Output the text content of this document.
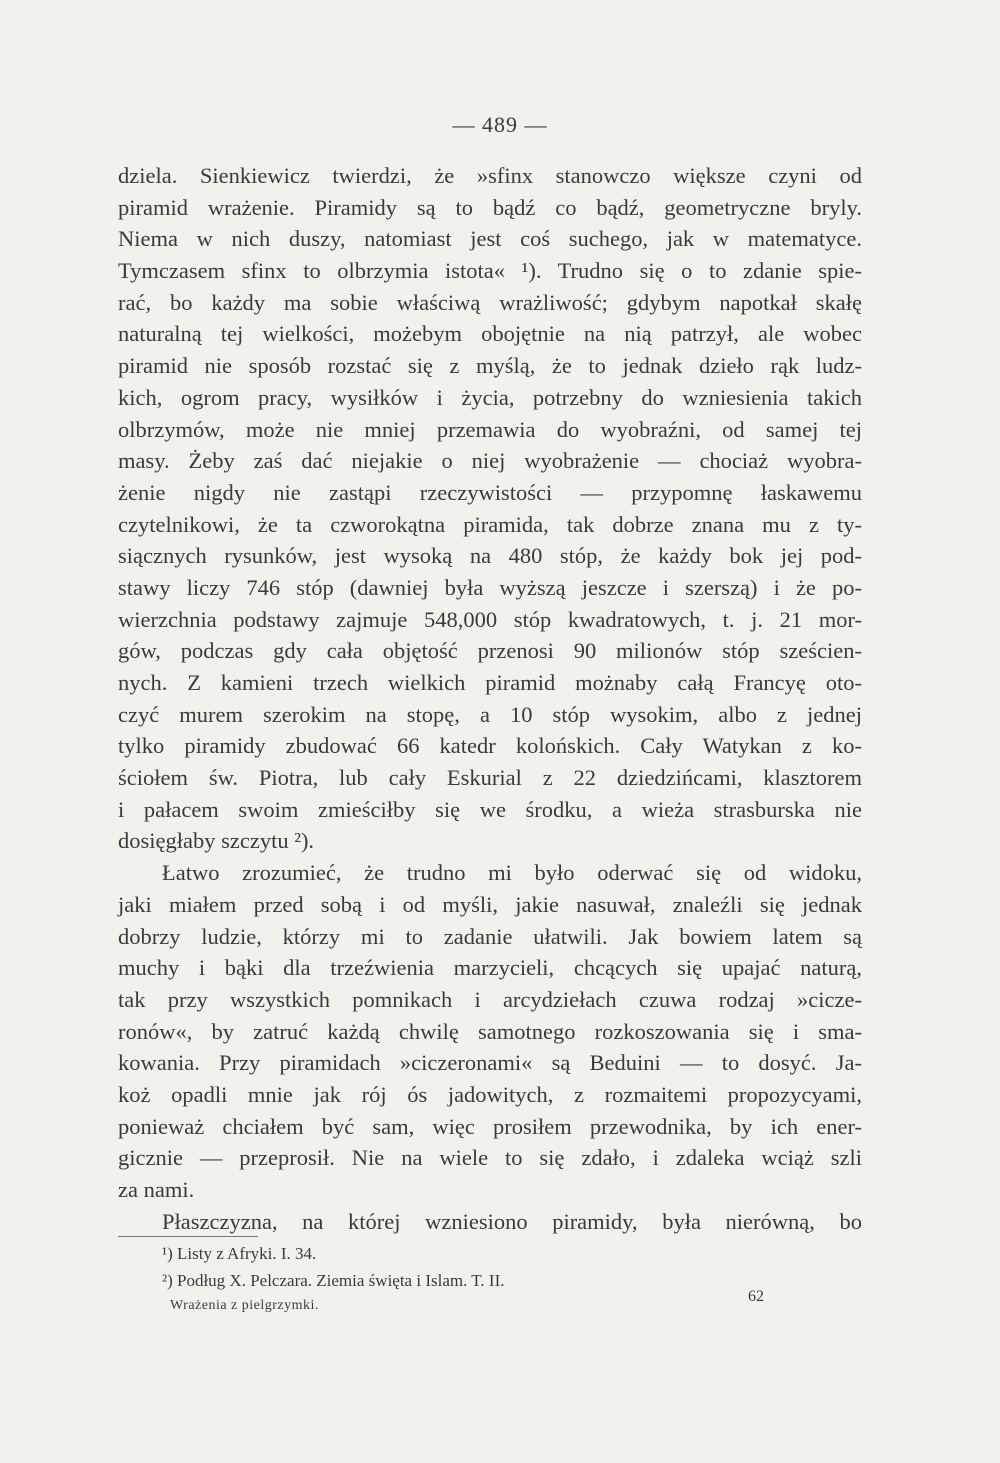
— 489 —
dziela. Sienkiewicz twierdzi, że »sfinx stanowczo większe czyni od
piramid wrażenie. Piramidy są to bądź co bądź, geometryczne bryly.
Niema w nich duszy, natomiast jest coś suchego, jak w matematyce.
Tymczasem sfinx to olbrzymia istota« ¹). Trudno się o to zdanie spie-
rać, bo każdy ma sobie właściwą wrażliwość; gdybym napotkał skałę
naturalną tej wielkości, możebym obojętnie na nią patrzył, ale wobec
piramid nie sposób rozstać się z myślą, że to jednak dzieło rąk ludz-
kich, ogrom pracy, wysiłków i życia, potrzebny do wzniesienia takich
olbrzymów, może nie mniej przemawia do wyobraźni, od samej tej
masy. Żeby zaś dać niejakie o niej wyobrażenie — chociaż wyobra-
żenie nigdy nie zastąpi rzeczywistości — przypomnę łaskawemu
czytelnikowi, że ta czworokątna piramida, tak dobrze znana mu z ty-
siącznych rysunków, jest wysoką na 480 stóp, że każdy bok jej pod-
stawy liczy 746 stóp (dawniej była wyższą jeszcze i szerszą) i że po-
wierzchnia podstawy zajmuje 548,000 stóp kwadratowych, t. j. 21 mor-
gów, podczas gdy cała objętość przenosi 90 milionów stóp sześcien-
nych. Z kamieni trzech wielkich piramid możnaby całą Francyę oto-
czyć murem szerokim na stopę, a 10 stóp wysokim, albo z jednej
tylko piramidy zbudować 66 katedr kolońskich. Cały Watykan z ko-
ściołem św. Piotra, lub cały Eskurial z 22 dziedzińcami, klasztorem
i pałacem swoim zmieściłby się we środku, a wieża strasburska nie
dosięgłaby szczytu ²).
Łatwo zrozumieć, że trudno mi było oderwać się od widoku,
jaki miałem przed sobą i od myśli, jakie nasuwał, znaleźli się jednak
dobrzy ludzie, którzy mi to zadanie ułatwili. Jak bowiem latem są
muchy i bąki dla trzeźwienia marzycieli, chcących się upajać naturą,
tak przy wszystkich pomnikach i arcydziełach czuwa rodzaj »cicze-
ronów«, by zatruć każdą chwilę samotnego rozkoszowania się i sma-
kowania. Przy piramidach »ciczeronami« są Beduini — to dosyć. Ja-
koż opadli mnie jak rój ós jadowitych, z rozmaitemi propozycyami,
ponieważ chciałem być sam, więc prosiłem przewodnika, by ich ener-
gicznie — przeprosił. Nie na wiele to się zdało, i zdaleka wciąż szli
za nami.
Płaszczyzna, na której wzniesiono piramidy, była nierówną, bo
¹) Listy z Afryki. I. 34.
²) Podług X. Pelczara. Ziemia święta i Islam. T. II.
Wrażenia z pielgrzymki.
62
